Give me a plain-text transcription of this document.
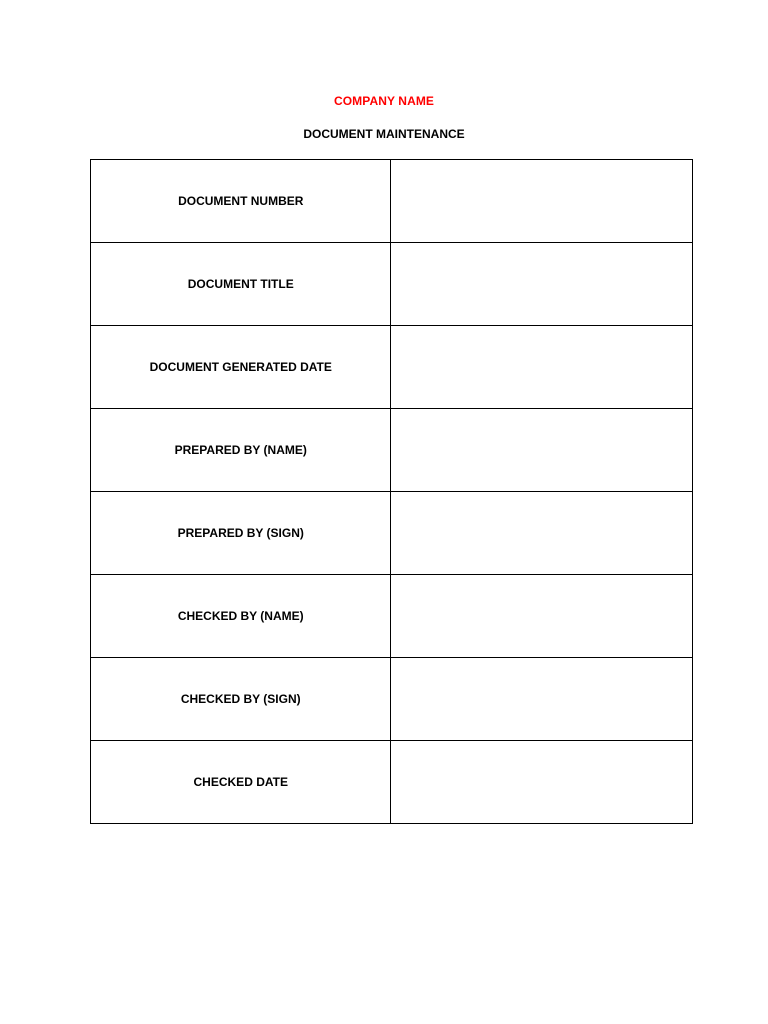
COMPANY NAME
DOCUMENT MAINTENANCE
DOCUMENT NUMBER	
DOCUMENT TITLE	
DOCUMENT GENERATED DATE	
PREPARED BY (NAME)	
PREPARED BY (SIGN)	
CHECKED BY (NAME)	
CHECKED BY (SIGN)	
CHECKED DATE	
